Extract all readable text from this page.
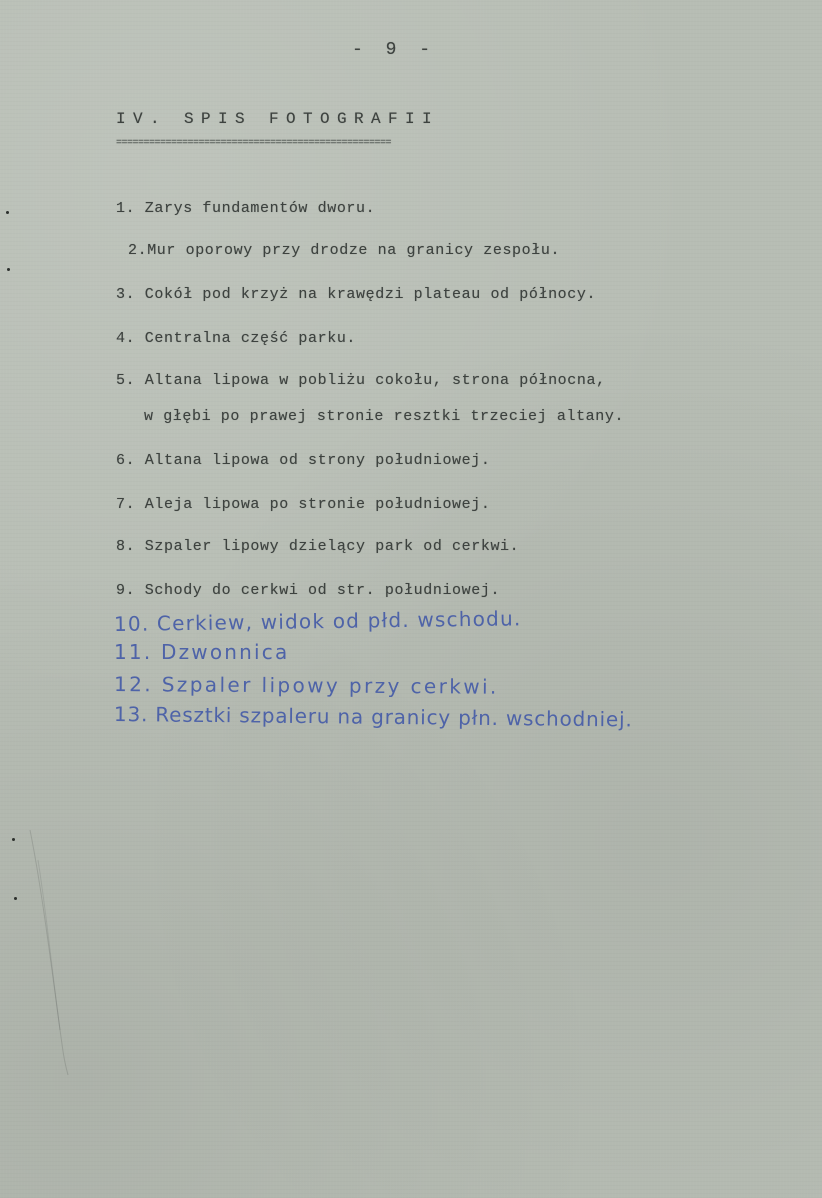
- 9 -
IV. SPIS FOTOGRAFII
==================================================
1. Zarys fundamentów dworu.
2.Mur oporowy przy drodze na granicy zespołu.
3. Cokół pod krzyż na krawędzi plateau od północy.
4. Centralna część parku.
5. Altana lipowa w pobliżu cokołu, strona północna,
w głębi po prawej stronie resztki trzeciej altany.
6. Altana lipowa od strony południowej.
7. Aleja lipowa po stronie południowej.
8. Szpaler lipowy dzielący park od cerkwi.
9. Schody do cerkwi od str. południowej.
10. Cerkiew, widok od płd. wschodu.
11. Dzwonnica
12. Szpaler lipowy przy cerkwi.
13. Resztki szpaleru na granicy płn. wschodniej.
